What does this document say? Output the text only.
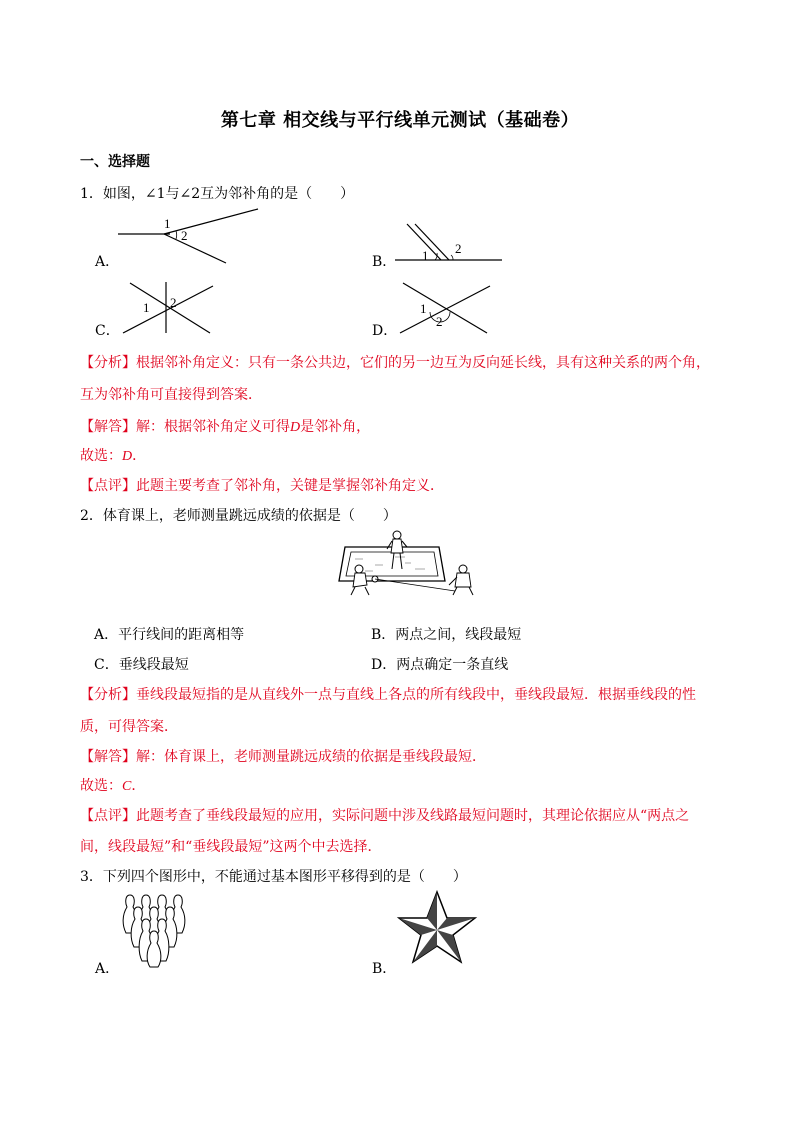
第七章 相交线与平行线单元测试（基础卷）
一、选择题
1．如图，∠1与∠2互为邻补角的是（　　）
1
2
A．	1 2
B．
1 2
C．
1
2
D．
【分析】根据邻补角定义：只有一条公共边，它们的另一边互为反向延长线，具有这种关系的两个角，
互为邻补角可直接得到答案．
【解答】解：根据邻补角定义可得D是邻补角，
故选：D．
【点评】此题主要考查了邻补角，关键是掌握邻补角定义．
2．体育课上，老师测量跳远成绩的依据是（　　）
A．平行线间的距离相等	B．两点之间，线段最短
C．垂线段最短	D．两点确定一条直线
【分析】垂线段最短指的是从直线外一点与直线上各点的所有线段中，垂线段最短．根据垂线段的性
质，可得答案．
【解答】解：体育课上，老师测量跳远成绩的依据是垂线段最短．
故选：C．
【点评】此题考查了垂线段最短的应用，实际问题中涉及线路最短问题时，其理论依据应从“两点之
间，线段最短”和“垂线段最短”这两个中去选择．
3．下列四个图形中，不能通过基本图形平移得到的是（　　）
A．	B．
